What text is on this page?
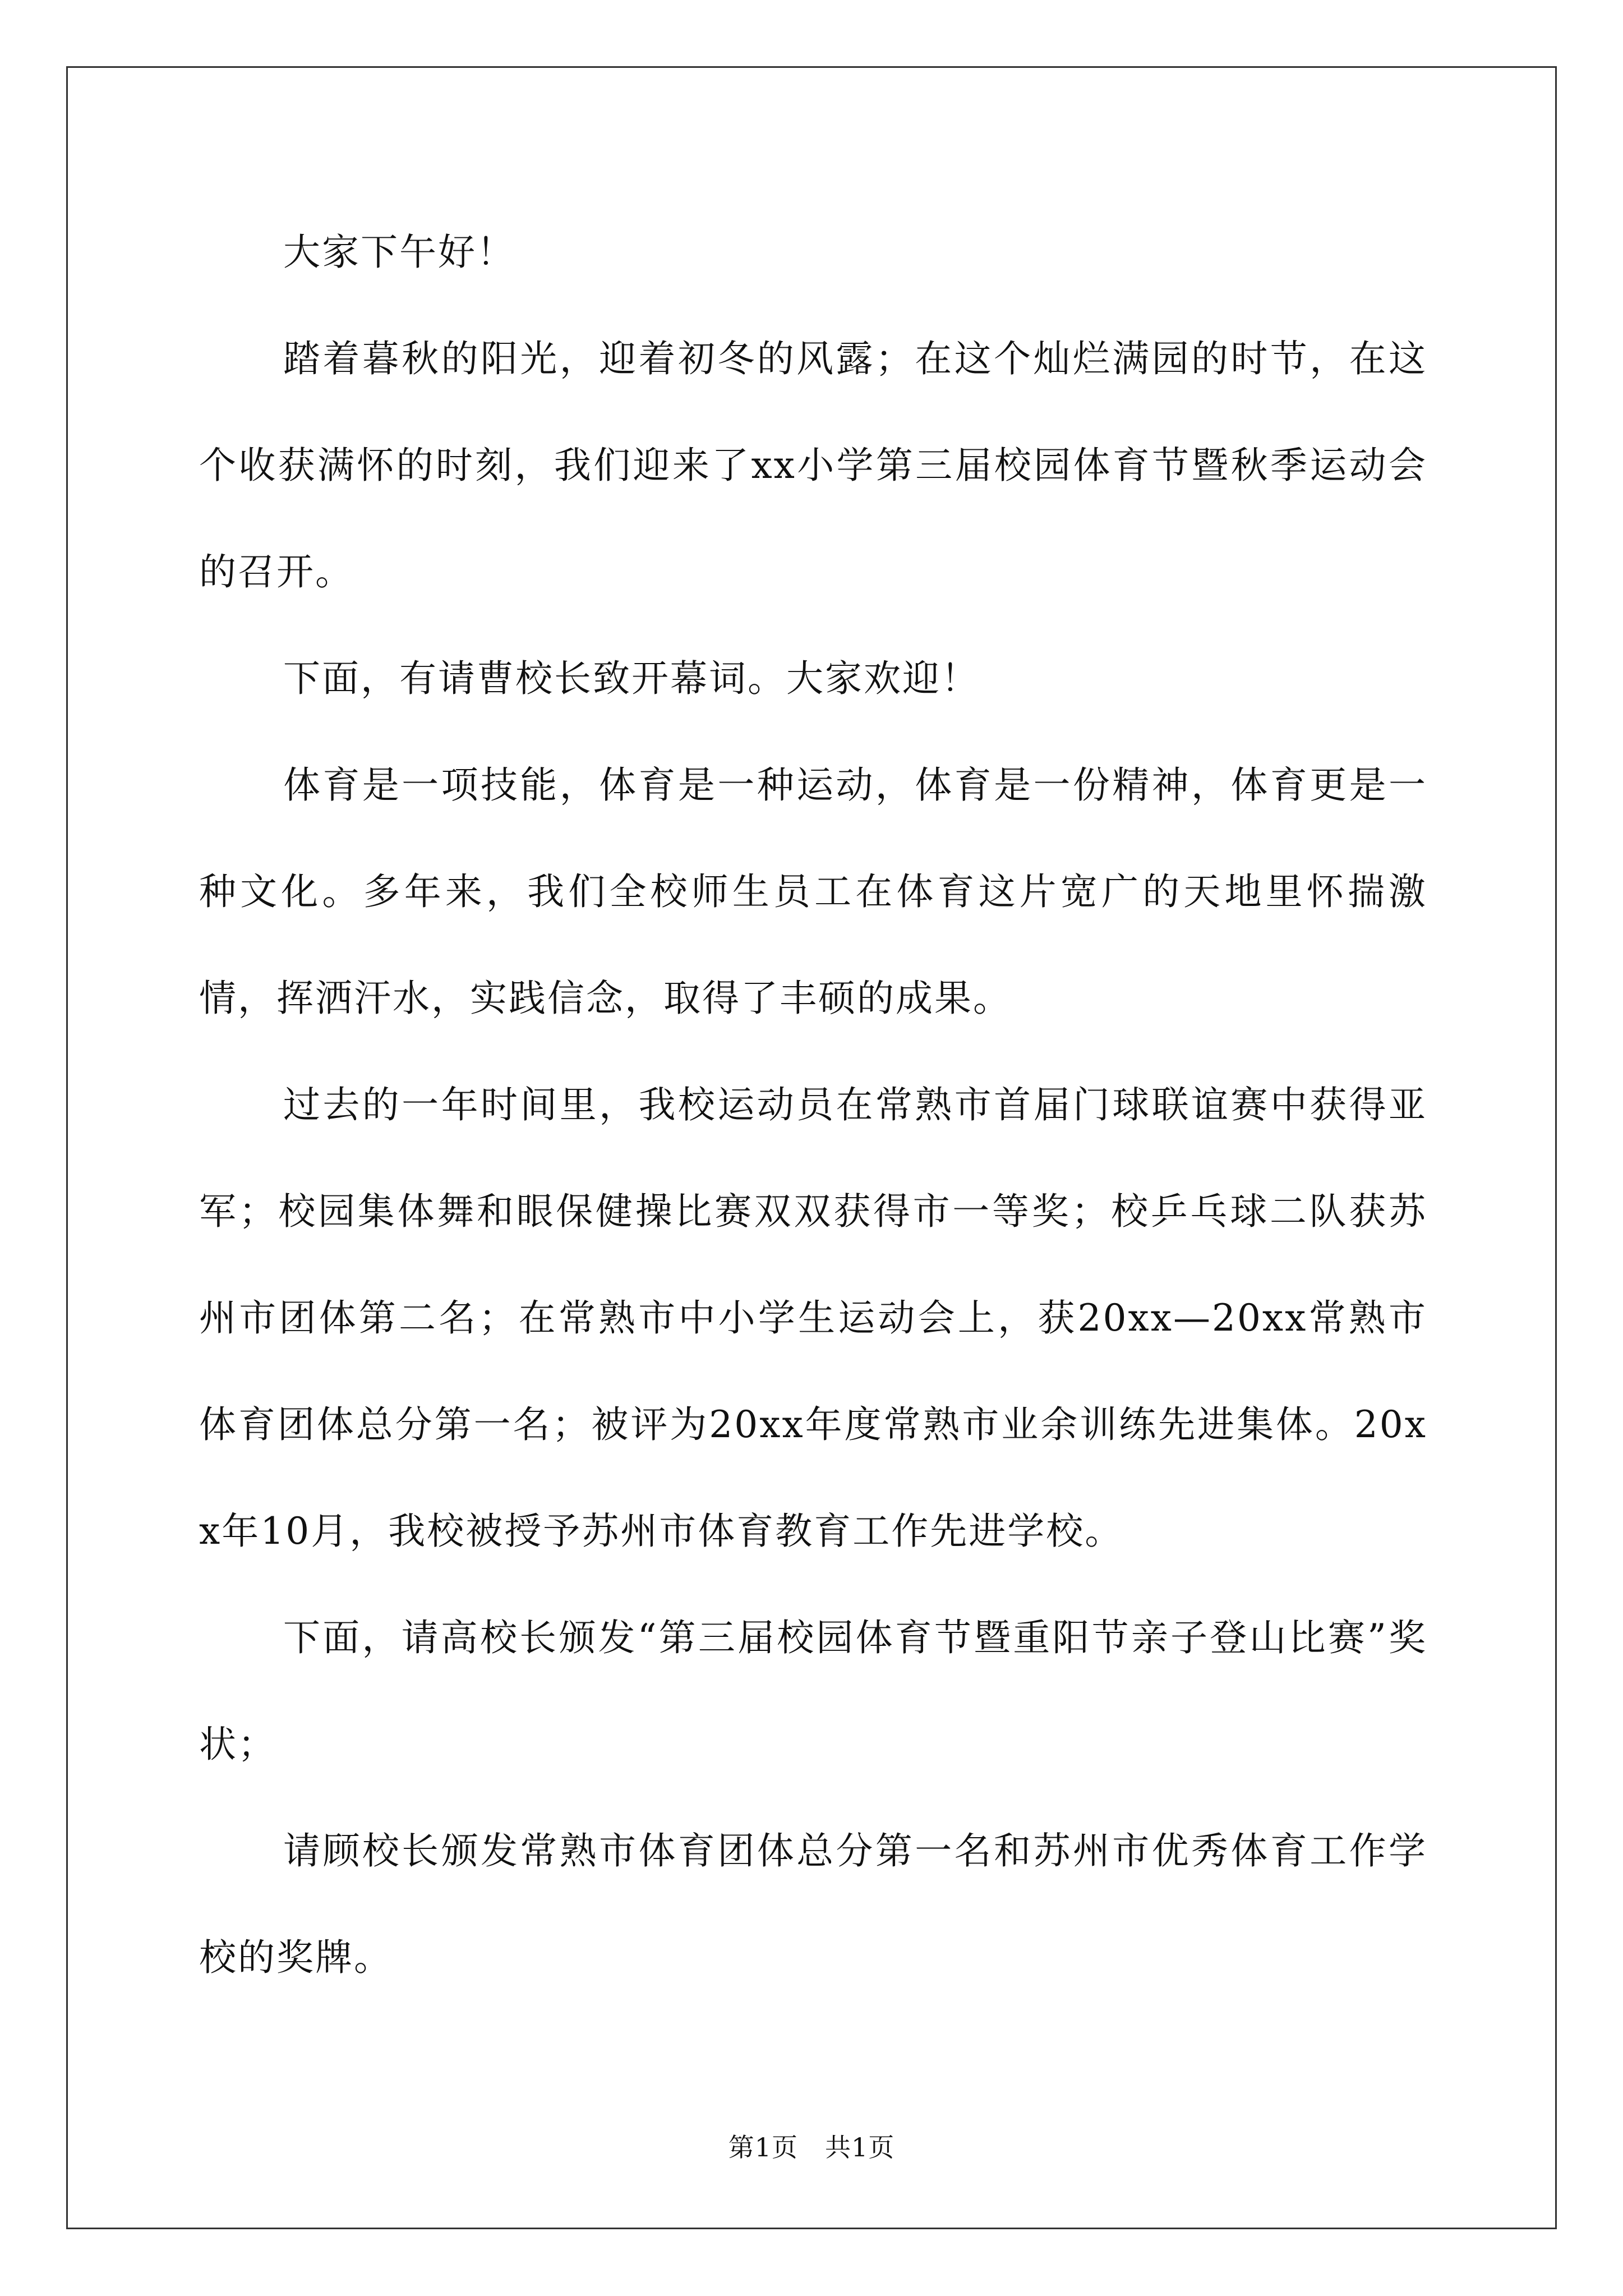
大家下午好！

踏着暮秋的阳光，迎着初冬的风露；在这个灿烂满园的时节，在这个收获满怀的时刻，我们迎来了xx小学第三届校园体育节暨秋季运动会的召开。

下面，有请曹校长致开幕词。大家欢迎！

体育是一项技能，体育是一种运动，体育是一份精神，体育更是一种文化。多年来，我们全校师生员工在体育这片宽广的天地里怀揣激情，挥洒汗水，实践信念，取得了丰硕的成果。

过去的一年时间里，我校运动员在常熟市首届门球联谊赛中获得亚军；校园集体舞和眼保健操比赛双双获得市一等奖；校乒乓球二队获苏州市团体第二名；在常熟市中小学生运动会上，获20xx—20xx常熟市体育团体总分第一名；被评为20xx年度常熟市业余训练先进集体。20xx年10月，我校被授予苏州市体育教育工作先进学校。

下面，请高校长颁发“第三届校园体育节暨重阳节亲子登山比赛”奖状；

请顾校长颁发常熟市体育团体总分第一名和苏州市优秀体育工作学校的奖牌。

第1页 共1页
